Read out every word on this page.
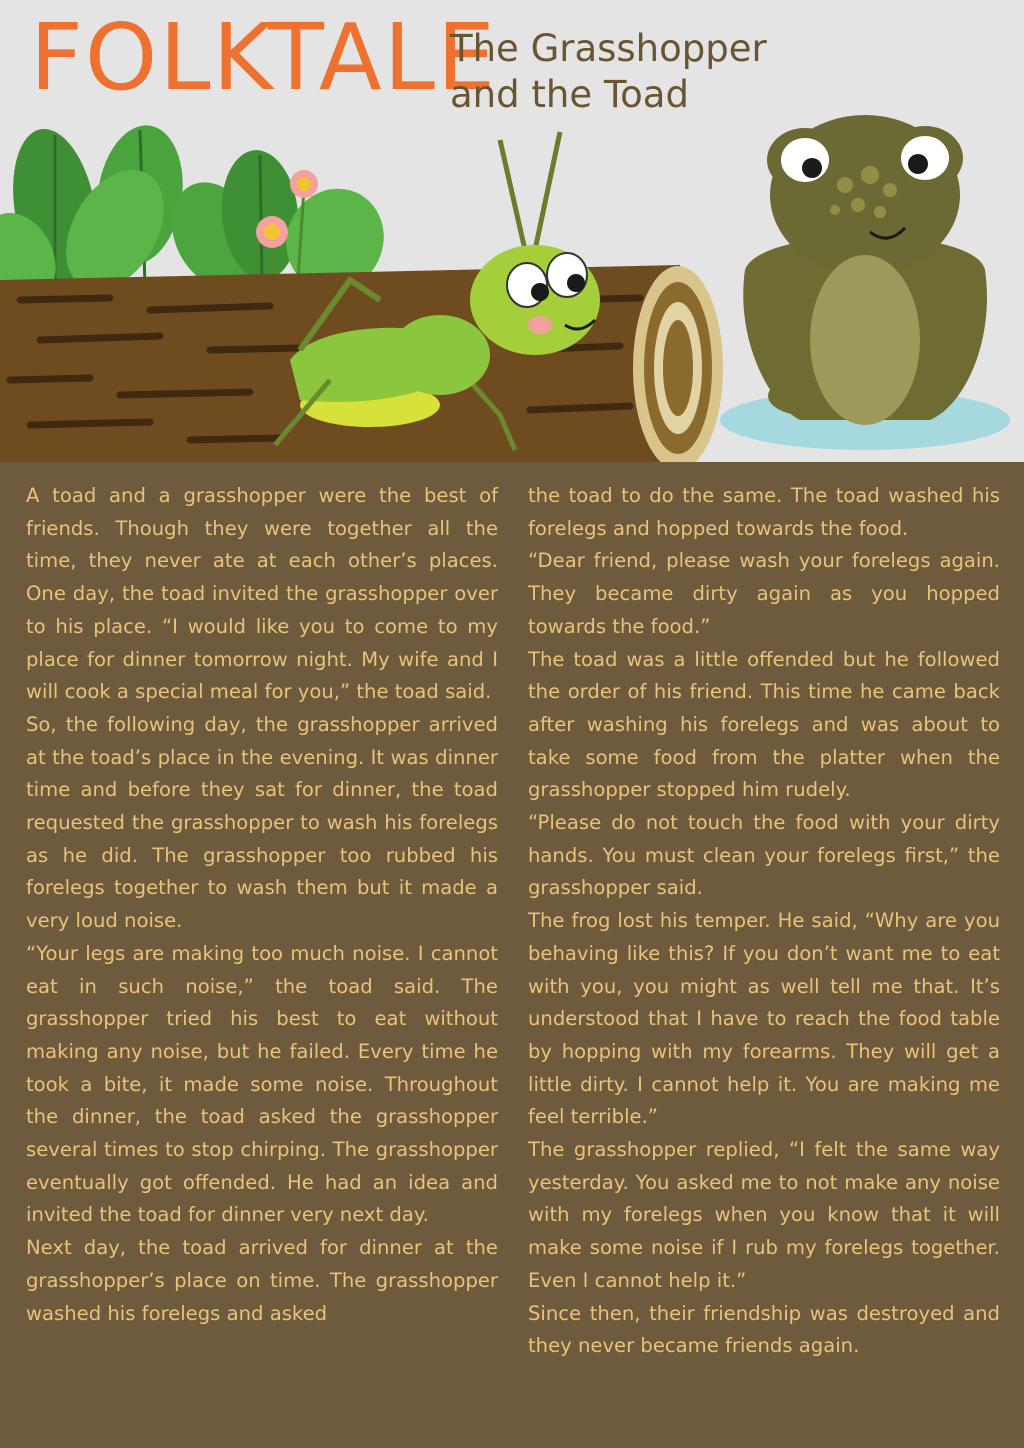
FOLKTALE
The Grasshopper
and the Toad

A toad and a grasshopper were the best of friends. Though they were together all the time, they never ate at each other’s places. One day, the toad invited the grasshopper over to his place. “I would like you to come to my place for dinner tomorrow night. My wife and I will cook a special meal for you,” the toad said.

So, the following day, the grasshopper arrived at the toad’s place in the evening. It was dinner time and before they sat for dinner, the toad requested the grasshopper to wash his forelegs as he did. The grasshopper too rubbed his forelegs together to wash them but it made a very loud noise.

“Your legs are making too much noise. I cannot eat in such noise,” the toad said. The grasshopper tried his best to eat without making any noise, but he failed. Every time he took a bite, it made some noise. Throughout the dinner, the toad asked the grasshopper several times to stop chirping. The grasshopper eventually got offended. He had an idea and invited the toad for dinner very next day.

Next day, the toad arrived for dinner at the grasshopper’s place on time. The grasshopper washed his forelegs and asked

the toad to do the same. The toad washed his forelegs and hopped towards the food.

“Dear friend, please wash your forelegs again. They became dirty again as you hopped towards the food.”

The toad was a little offended but he followed the order of his friend. This time he came back after washing his forelegs and was about to take some food from the platter when the grasshopper stopped him rudely.

“Please do not touch the food with your dirty hands. You must clean your forelegs first,” the grasshopper said.

The frog lost his temper. He said, “Why are you behaving like this? If you don’t want me to eat with you, you might as well tell me that. It’s understood that I have to reach the food table by hopping with my forearms. They will get a little dirty. I cannot help it. You are making me feel terrible.”

The grasshopper replied, “I felt the same way yesterday. You asked me to not make any noise with my forelegs when you know that it will make some noise if I rub my forelegs together. Even I cannot help it.”

Since then, their friendship was destroyed and they never became friends again.
